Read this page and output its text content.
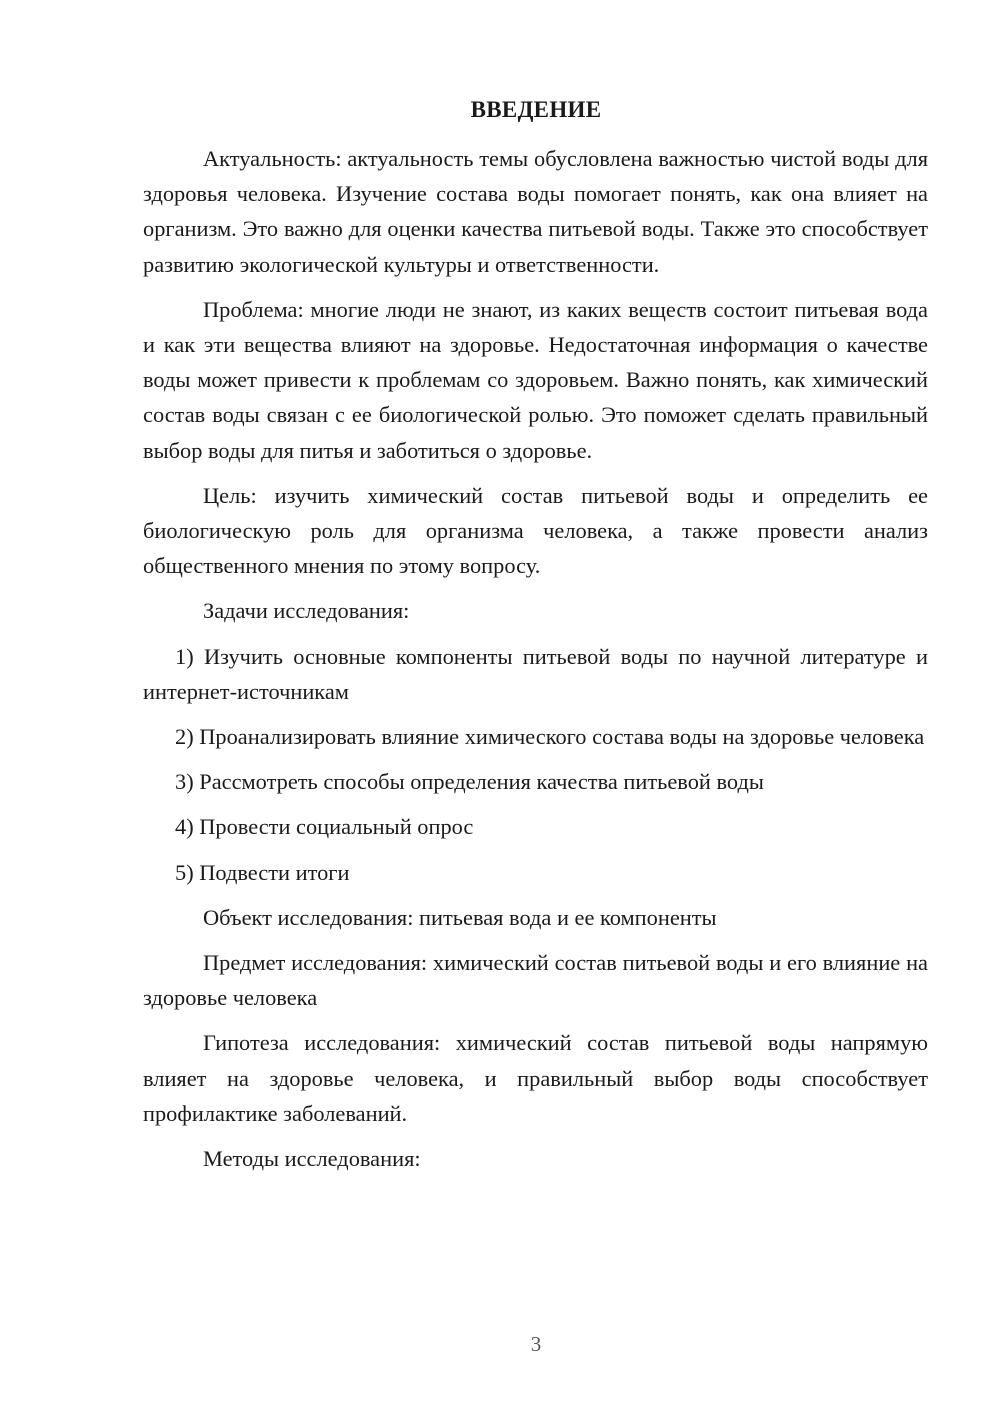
ВВЕДЕНИЕ

Актуальность: актуальность темы обусловлена важностью чистой воды для здоровья человека. Изучение состава воды помогает понять, как она влияет на организм. Это важно для оценки качества питьевой воды. Также это способствует развитию экологической культуры и ответственности.

Проблема: многие люди не знают, из каких веществ состоит питьевая вода и как эти вещества влияют на здоровье. Недостаточная информация о качестве воды может привести к проблемам со здоровьем. Важно понять, как химический состав воды связан с ее биологической ролью. Это поможет сделать правильный выбор воды для питья и заботиться о здоровье.

Цель: изучить химический состав питьевой воды и определить ее биологическую роль для организма человека, а также провести анализ общественного мнения по этому вопросу.

Задачи исследования:

1) Изучить основные компоненты питьевой воды по научной литературе и интернет-источникам

2) Проанализировать влияние химического состава воды на здоровье человека

3) Рассмотреть способы определения качества питьевой воды

4) Провести социальный опрос

5) Подвести итоги

Объект исследования: питьевая вода и ее компоненты

Предмет исследования: химический состав питьевой воды и его влияние на здоровье человека

Гипотеза исследования: химический состав питьевой воды напрямую влияет на здоровье человека, и правильный выбор воды способствует профилактике заболеваний.

Методы исследования:

3
